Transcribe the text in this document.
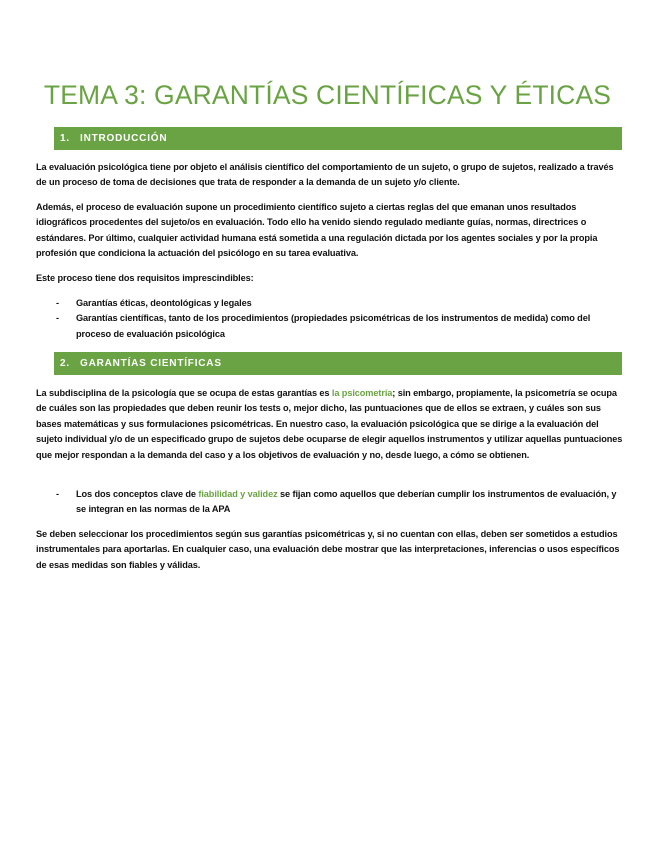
TEMA 3: GARANTÍAS CIENTÍFICAS Y ÉTICAS
1. INTRODUCCIÓN

La evaluación psicológica tiene por objeto el análisis científico del comportamiento de un sujeto, o grupo de sujetos, realizado a través de un proceso de toma de decisiones que trata de responder a la demanda de un sujeto y/o cliente.

Además, el proceso de evaluación supone un procedimiento científico sujeto a ciertas reglas del que emanan unos resultados idiográficos procedentes del sujeto/os en evaluación. Todo ello ha venido siendo regulado mediante guías, normas, directrices o estándares. Por último, cualquier actividad humana está sometida a una regulación dictada por los agentes sociales y por la propia profesión que condiciona la actuación del psicólogo en su tarea evaluativa.

Este proceso tiene dos requisitos imprescindibles:

- Garantías éticas, deontológicas y legales
- Garantías científicas, tanto de los procedimientos (propiedades psicométricas de los instrumentos de medida) como del proceso de evaluación psicológica
2. GARANTÍAS CIENTÍFICAS

La subdisciplina de la psicología que se ocupa de estas garantías es la psicometría; sin embargo, propiamente, la psicometría se ocupa de cuáles son las propiedades que deben reunir los tests o, mejor dicho, las puntuaciones que de ellos se extraen, y cuáles son sus bases matemáticas y sus formulaciones psicométricas. En nuestro caso, la evaluación psicológica que se dirige a la evaluación del sujeto individual y/o de un especificado grupo de sujetos debe ocuparse de elegir aquellos instrumentos y utilizar aquellas puntuaciones que mejor respondan a la demanda del caso y a los objetivos de evaluación y no, desde luego, a cómo se obtienen.

- Los dos conceptos clave de fiabilidad y validez se fijan como aquellos que deberían cumplir los instrumentos de evaluación, y se integran en las normas de la APA

Se deben seleccionar los procedimientos según sus garantías psicométricas y, si no cuentan con ellas, deben ser sometidos a estudios instrumentales para aportarlas. En cualquier caso, una evaluación debe mostrar que las interpretaciones, inferencias o usos específicos de esas medidas son fiables y válidas.
